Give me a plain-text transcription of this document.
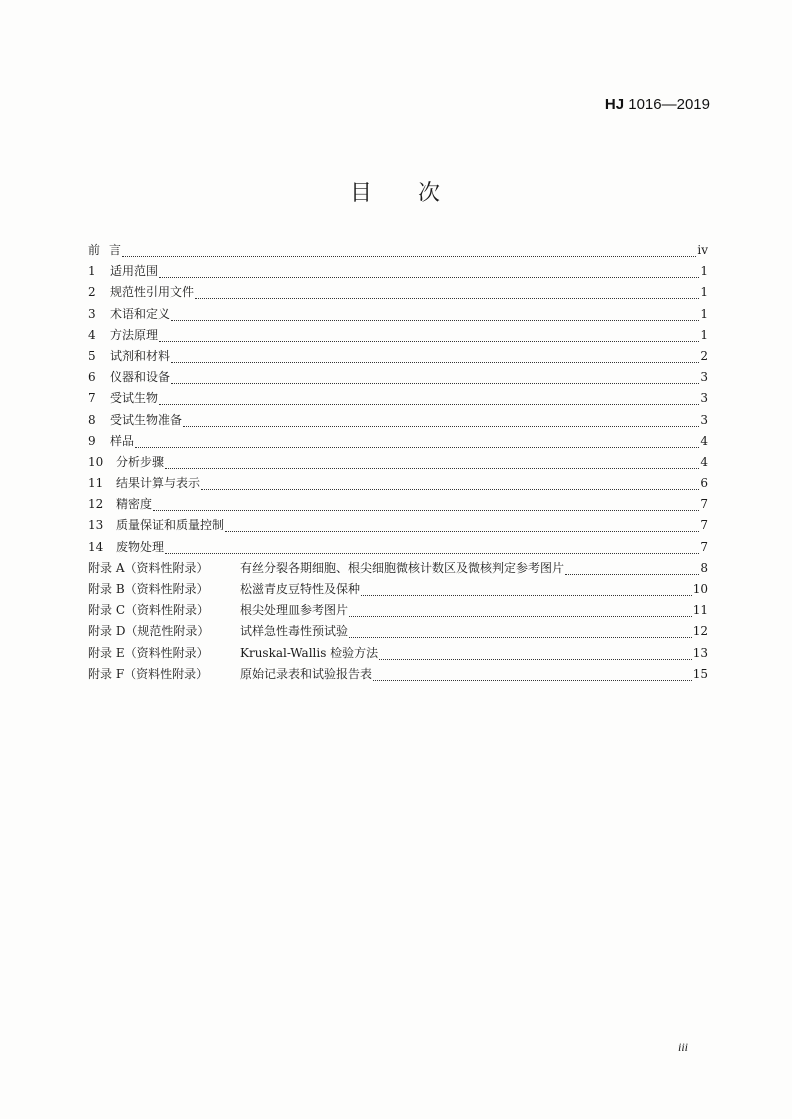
HJ 1016—2019
目 次
前 言	iv
1	适用范围	1
2	规范性引用文件	1
3	术语和定义	1
4	方法原理	1
5	试剂和材料	2
6	仪器和设备	3
7	受试生物	3
8	受试生物准备	3
9	样品	4
10	分析步骤	4
11	结果计算与表示	6
12	精密度	7
13	质量保证和质量控制	7
14	废物处理	7
附录 A（资料性附录）	有丝分裂各期细胞、根尖细胞微核计数区及微核判定参考图片	8
附录 B（资料性附录）	松滋青皮豆特性及保种	10
附录 C（资料性附录）	根尖处理皿参考图片	11
附录 D（规范性附录）	试样急性毒性预试验	12
附录 E（资料性附录）	Kruskal-Wallis 检验方法	13
附录 F（资料性附录）	原始记录表和试验报告表	15
iii
